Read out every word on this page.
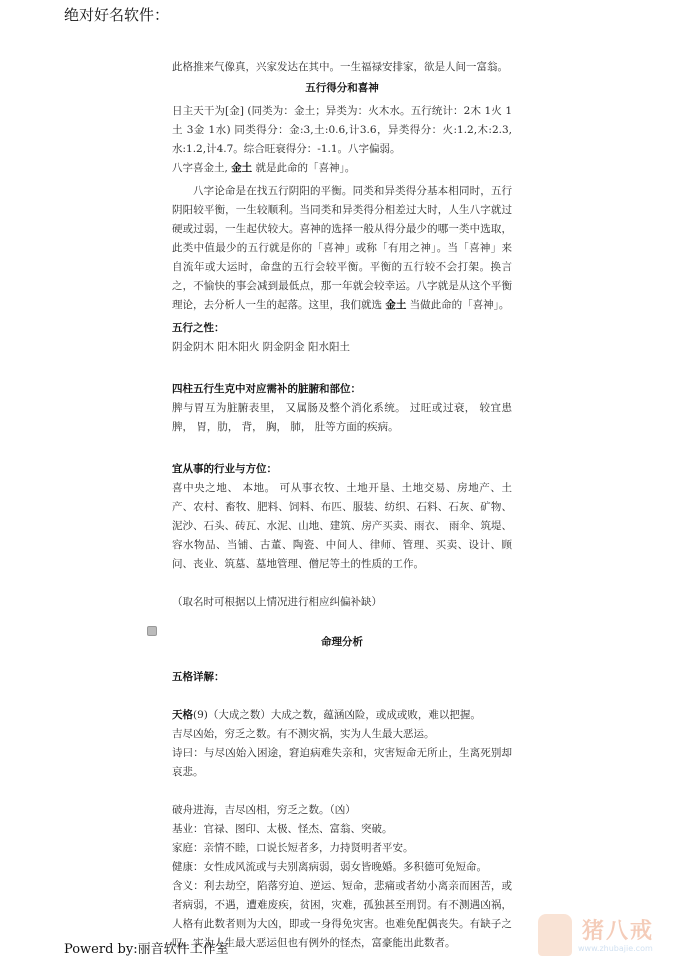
绝对好名软件：

此格推来气像真，兴家发达在其中。一生福禄安排家，欲是人间一富翁。

五行得分和喜神

日主天干为[金] (同类为：金土；异类为：火木水。五行统计：2木 1火 1土 3金 1水) 同类得分：金:3,土:0.6,计3.6，异类得分：火:1.2,木:2.3,水:1.2,计4.7。综合旺衰得分：-1.1。八字偏弱。

八字喜金土, 金土 就是此命的「喜神」。

八字论命是在找五行阴阳的平衡。同类和异类得分基本相同时，五行阴阳较平衡，一生较顺利。当同类和异类得分相差过大时，人生八字就过硬或过弱，一生起伏较大。喜神的选择一般从得分最少的哪一类中选取，此类中值最少的五行就是你的「喜神」或称「有用之神」。当「喜神」来自流年或大运时，命盘的五行会较平衡。平衡的五行较不会打架。换言之，不愉快的事会减到最低点，那一年就会较幸运。八字就是从这个平衡理论，去分析人一生的起落。这里，我们就选 金土 当做此命的「喜神」。

五行之性：

阴金阴木 阳木阳火 阴金阴金 阳水阳土

四柱五行生克中对应需补的脏腑和部位：

脾与胃互为脏腑表里， 又属肠及整个消化系统。 过旺或过衰， 较宜患脾， 胃，肋， 背， 胸， 肺， 肚等方面的疾病。

宜从事的行业与方位：

喜中央之地、 本地。 可从事衣牧、土地开垦、土地交易、房地产、土产、农村、畜牧、肥料、饲料、布匹、服装、纺织、石料、石灰、矿物、泥沙、石头、砖瓦、水泥、山地、建筑、房产买卖、雨衣、 雨伞、筑堤、容水物品、当铺、古董、陶瓷、中间人、律师、管理、买卖、设计、顾问、丧业、筑墓、墓地管理、僧尼等土的性质的工作。

（取名时可根据以上情况进行相应纠偏补缺）

命理分析
五格详解：

天格(9)（大成之数）大成之数，蕴涵凶险，或成或败，难以把握。

吉尽凶始，穷乏之数。有不测灾祸，实为人生最大恶运。

诗曰：与尽凶始入困途，窘迫病难失亲和，灾害短命无所止，生离死别却哀悲。

破舟进海，吉尽凶相，穷乏之数。（凶）

基业：官禄、图印、太极、怪杰、富翁、突破。

家庭：亲情不睦，口说长短者多，力持贤明者平安。

健康：女性成风流或与夫别离病弱，弱女皆晚婚。多积德可免短命。

含义：利去劫空，陷落穷迫、逆运、短命，悲痛或者幼小离亲而困苦，或者病弱，不遇，遭难废疾，贫困，灾难，孤独甚至刑罚。有不测遇凶祸，人格有此数者则为大凶，即或一身得免灾害。也难免配偶丧失。有缺子之叹。实为人生最大恶运但也有例外的怪杰，富豪能出此数者。

Powerd by:丽音软件工作室
猪八戒
www.zhubajie.com
